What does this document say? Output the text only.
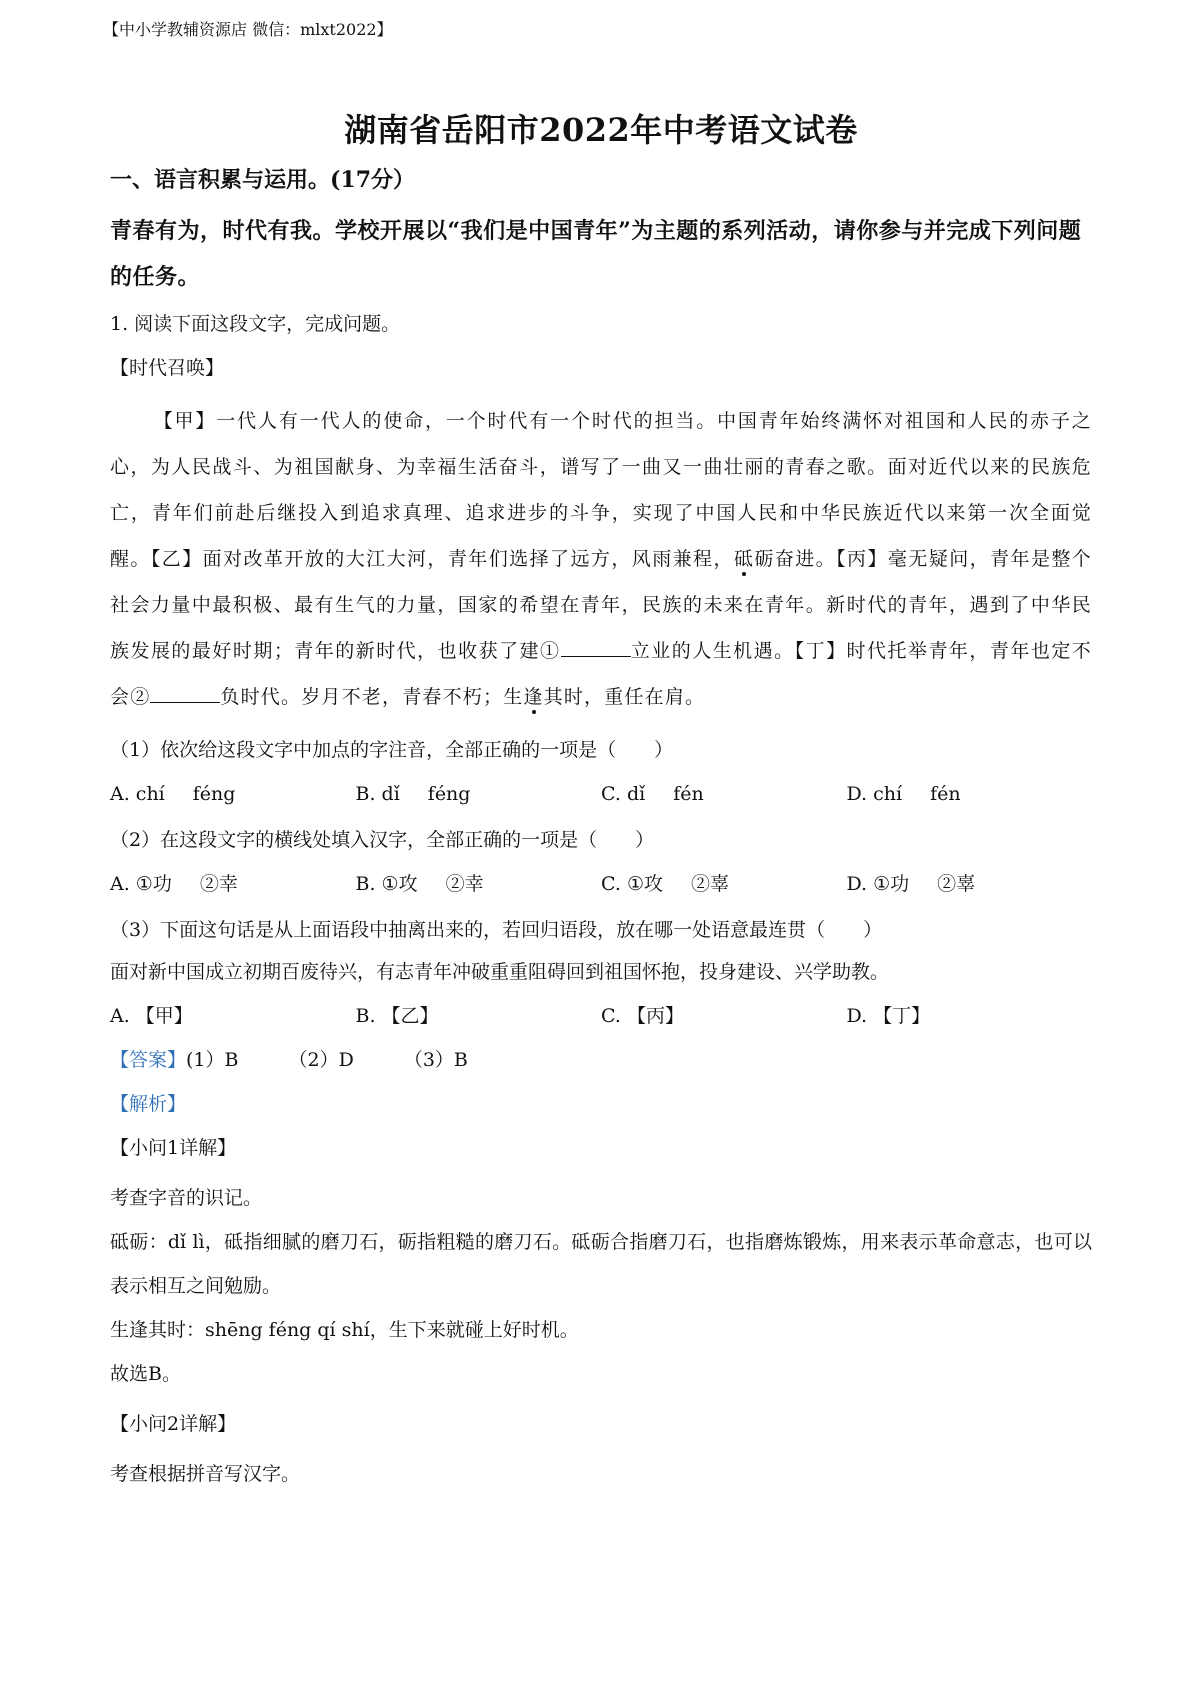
【中小学教辅资源店 微信：mlxt2022】
湖南省岳阳市2022年中考语文试卷
一、语言积累与运用。(17分）
青春有为，时代有我。学校开展以“我们是中国青年”为主题的系列活动，请你参与并完成下列问题的任务。

1. 阅读下面这段文字，完成问题。

【时代召唤】

【甲】一代人有一代人的使命，一个时代有一个时代的担当。中国青年始终满怀对祖国和人民的赤子之心，为人民战斗、为祖国献身、为幸福生活奋斗，谱写了一曲又一曲壮丽的青春之歌。面对近代以来的民族危亡，青年们前赴后继投入到追求真理、追求进步的斗争，实现了中国人民和中华民族近代以来第一次全面觉醒。【乙】面对改革开放的大江大河，青年们选择了远方，风雨兼程，砥砺奋进。【丙】毫无疑问，青年是整个社会力量中最积极、最有生气的力量，国家的希望在青年，民族的未来在青年。新时代的青年，遇到了中华民族发展的最好时期；青年的新时代，也收获了建①	立业的人生机遇。【丁】时代托举青年，青年也定不会②	负时代。岁月不老，青春不朽；生逢其时，重任在肩。
（1）依次给这段文字中加点的字注音，全部正确的一项是（　　）
A. chí féng	B. dǐ féng	C. dǐ fén	D. chí fén
（2）在这段文字的横线处填入汉字，全部正确的一项是（　　）
A. ①功 ②幸	B. ①攻 ②幸	C. ①攻 ②辜	D. ①功 ②辜
（3）下面这句话是从上面语段中抽离出来的，若回归语段，放在哪一处语意最连贯（　　）
面对新中国成立初期百废待兴，有志青年冲破重重阻碍回到祖国怀抱，投身建设、兴学助教。
A. 【甲】	B. 【乙】	C. 【丙】	D. 【丁】
【答案】(1）B	（2）D	（3）B
【解析】
【小问1详解】
考查字音的识记。
砥砺：dǐ lì，砥指细腻的磨刀石，砺指粗糙的磨刀石。砥砺合指磨刀石，也指磨炼锻炼，用来表示革命意志，也可以表示相互之间勉励。
生逢其时：shēng féng qí shí，生下来就碰上好时机。
故选B。
【小问2详解】
考查根据拼音写汉字。
